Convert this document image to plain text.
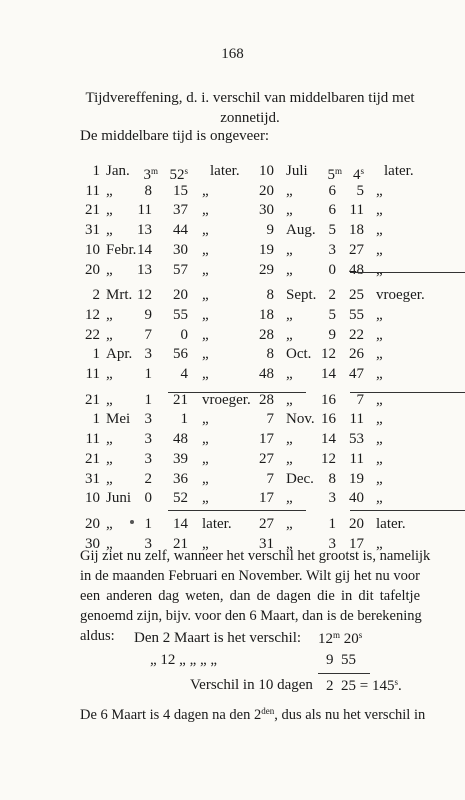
168
Tijdvereffening, d. i. verschil van middelbaren tijd met
zonnetijd.
De middelbare tijd is ongeveer:
1 Jan. 3$^m$ 52$^s$ later.	10 Juli	5$^m$ 4$^s$ later.
11 „	8	15 „	20 „	6	5 „
21 „	11	37 „	30 „	6 11 „
31 „	13	44 „	9 Aug. 5 18 „
10 Febr. 14	30 „	19 „	3 27 „
20 „	13	57 „	29 „	0 48 „
2 Mrt. 12	20 „	8 Sept. 2 25 vroeger.
12 „	9	55 „	18 „	5 55 „
22 „	7	0 „	28 „	9 22 „
1 Apr. 3	56 „	8 Oct. 12 26 „
11 „	1	4 „	48 „	14 47 „
21 „	1	21 vroeger. 28 „	16	7 „
1 Mei 3	1 „	7 Nov. 16 11 „
11 „	3	48 „	17 „	14 53 „
21 „	3	39 „	27 „	12 11 „
31 „	2	36 „	7 Dec. 8 19 „
10 Juni 0	52 „	17 „	3 40 „
20 „	1	14 later.	27 „	1 20 later.
30 „	3	21 „	31 „	3 17 „
Gij ziet nu zelf, wanneer het verschil het grootst is, namelijk
in de maanden Februari en November. Wilt gij het nu voor
een anderen dag weten, dan de dagen die in dit tafeltje
genoemd zijn, bijv. voor den 6 Maart, dan is de berekening
aldus:	Den 2 Maart is het verschil: 12$^m$ 20$^s$
„ 12 „ „ „ „	9 55
Verschil in 10 dagen 2 $25 = 145^s$.
De 6 Maart is 4 dagen na den $2^{den}$, dus als nu het verschil in
